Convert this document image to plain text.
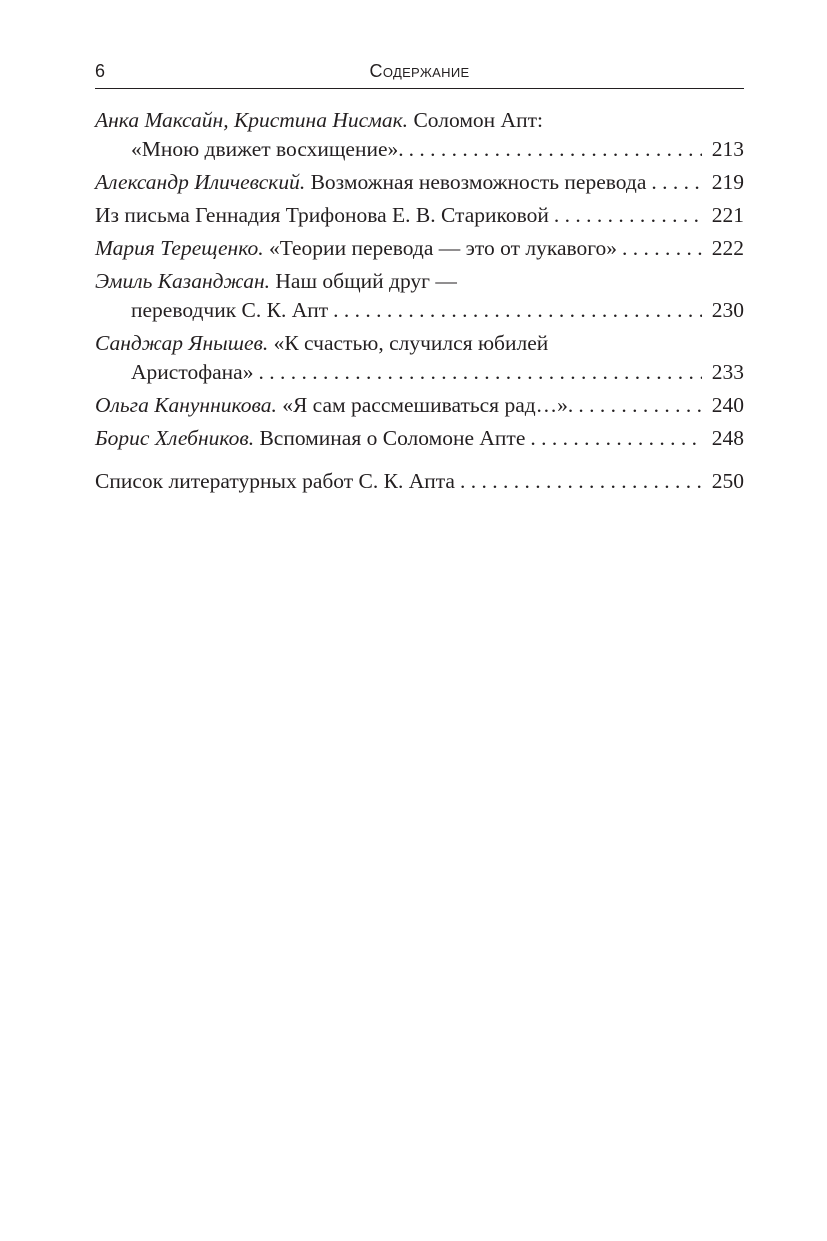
6	Содержание
Анка Максайн, Кристина Нисмак. Соломон Апт:
«Мною движет восхищение». . . .	213
Александр Иличевский. Возможная невозможность перевода . . .	219
Из письма Геннадия Трифонова Е. В. Стариковой . . .	221
Мария Терещенко. «Теории перевода — это от лукавого» . . .	222
Эмиль Казанджан. Наш общий друг —
переводчик С. К. Апт . . .	230
Санджар Янышев. «К счастью, случился юбилей
Аристофана» . . .	233
Ольга Канунникова. «Я сам рассмешиваться рад…». . . .	240
Борис Хлебников. Вспоминая о Соломоне Апте . . .	248
Список литературных работ С. К. Апта . . .	250
